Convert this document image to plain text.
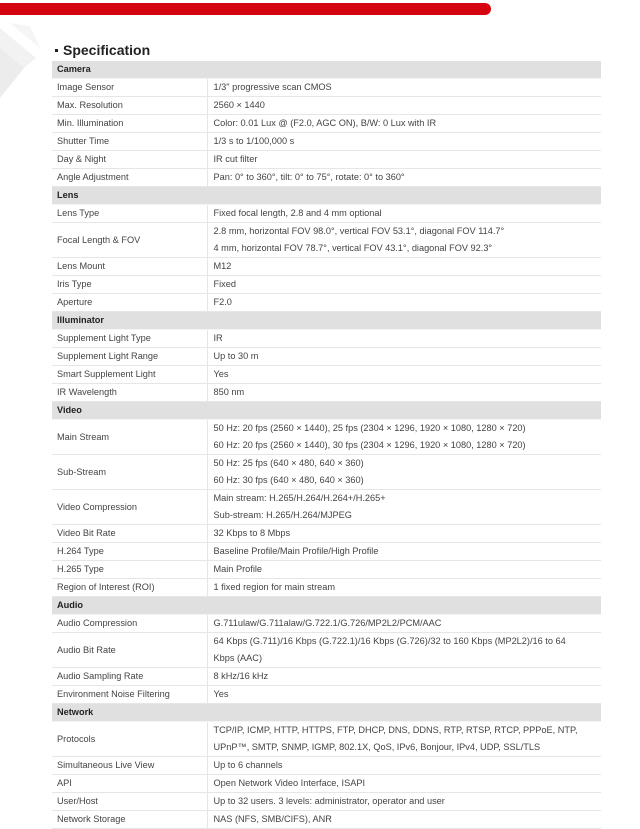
Specification
Camera	
Image Sensor	1/3" progressive scan CMOS

Max. Resolution	2560 × 1440

Min. Illumination	Color: 0.01 Lux @ (F2.0, AGC ON), B/W: 0 Lux with IR

Shutter Time	1/3 s to 1/100,000 s

Day & Night	IR cut filter

Angle Adjustment	Pan: 0° to 360°, tilt: 0° to 75°, rotate: 0° to 360°

Lens	
Lens Type	Fixed focal length, 2.8 and 4 mm optional

Focal Length & FOV	2.8 mm, horizontal FOV 98.0°, vertical FOV 53.1°, diagonal FOV 114.7°
4 mm, horizontal FOV 78.7°, vertical FOV 43.1°, diagonal FOV 92.3°

Lens Mount	M12

Iris Type	Fixed

Aperture	F2.0

Illuminator	
Supplement Light Type	IR

Supplement Light Range	Up to 30 m

Smart Supplement Light	Yes

IR Wavelength	850 nm

Video	
Main Stream	50 Hz: 20 fps (2560 × 1440), 25 fps (2304 × 1296, 1920 × 1080, 1280 × 720)
60 Hz: 20 fps (2560 × 1440), 30 fps (2304 × 1296, 1920 × 1080, 1280 × 720)

Sub-Stream	50 Hz: 25 fps (640 × 480, 640 × 360)
60 Hz: 30 fps (640 × 480, 640 × 360)

Video Compression	Main stream: H.265/H.264/H.264+/H.265+
Sub-stream: H.265/H.264/MJPEG

Video Bit Rate	32 Kbps to 8 Mbps

H.264 Type	Baseline Profile/Main Profile/High Profile

H.265 Type	Main Profile

Region of Interest (ROI)	1 fixed region for main stream

Audio	
Audio Compression	G.711ulaw/G.711alaw/G.722.1/G.726/MP2L2/PCM/AAC

Audio Bit Rate	64 Kbps (G.711)/16 Kbps (G.722.1)/16 Kbps (G.726)/32 to 160 Kbps (MP2L2)/16 to 64
Kbps (AAC)

Audio Sampling Rate	8 kHz/16 kHz

Environment Noise Filtering	Yes

Network	
Protocols	TCP/IP, ICMP, HTTP, HTTPS, FTP, DHCP, DNS, DDNS, RTP, RTSP, RTCP, PPPoE, NTP,
UPnP™, SMTP, SNMP, IGMP, 802.1X, QoS, IPv6, Bonjour, IPv4, UDP, SSL/TLS

Simultaneous Live View	Up to 6 channels

API	Open Network Video Interface, ISAPI

User/Host	Up to 32 users. 3 levels: administrator, operator and user

Network Storage	NAS (NFS, SMB/CIFS), ANR
